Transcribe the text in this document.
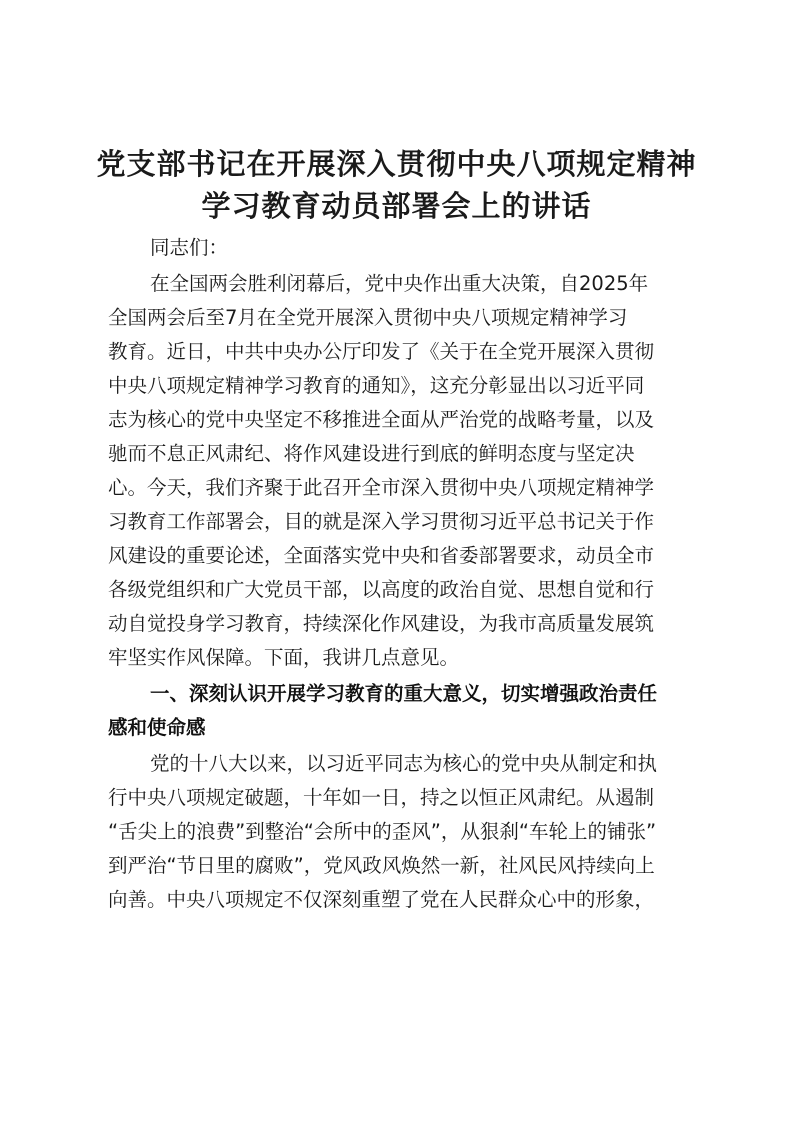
党支部书记在开展深入贯彻中央八项规定精神
学习教育动员部署会上的讲话
同志们：
在全国两会胜利闭幕后，党中央作出重大决策，自2025年
全国两会后至7月在全党开展深入贯彻中央八项规定精神学习
教育。近日，中共中央办公厅印发了《关于在全党开展深入贯彻
中央八项规定精神学习教育的通知》，这充分彰显出以习近平同
志为核心的党中央坚定不移推进全面从严治党的战略考量，以及
驰而不息正风肃纪、将作风建设进行到底的鲜明态度与坚定决
心。今天，我们齐聚于此召开全市深入贯彻中央八项规定精神学
习教育工作部署会，目的就是深入学习贯彻习近平总书记关于作
风建设的重要论述，全面落实党中央和省委部署要求，动员全市
各级党组织和广大党员干部，以高度的政治自觉、思想自觉和行
动自觉投身学习教育，持续深化作风建设，为我市高质量发展筑
牢坚实作风保障。下面，我讲几点意见。
一、深刻认识开展学习教育的重大意义，切实增强政治责任
感和使命感
党的十八大以来，以习近平同志为核心的党中央从制定和执
行中央八项规定破题，十年如一日，持之以恒正风肃纪。从遏制
“舌尖上的浪费”到整治“会所中的歪风”，从狠刹“车轮上的铺张”
到严治“节日里的腐败”，党风政风焕然一新，社风民风持续向上
向善。中央八项规定不仅深刻重塑了党在人民群众心中的形象，
